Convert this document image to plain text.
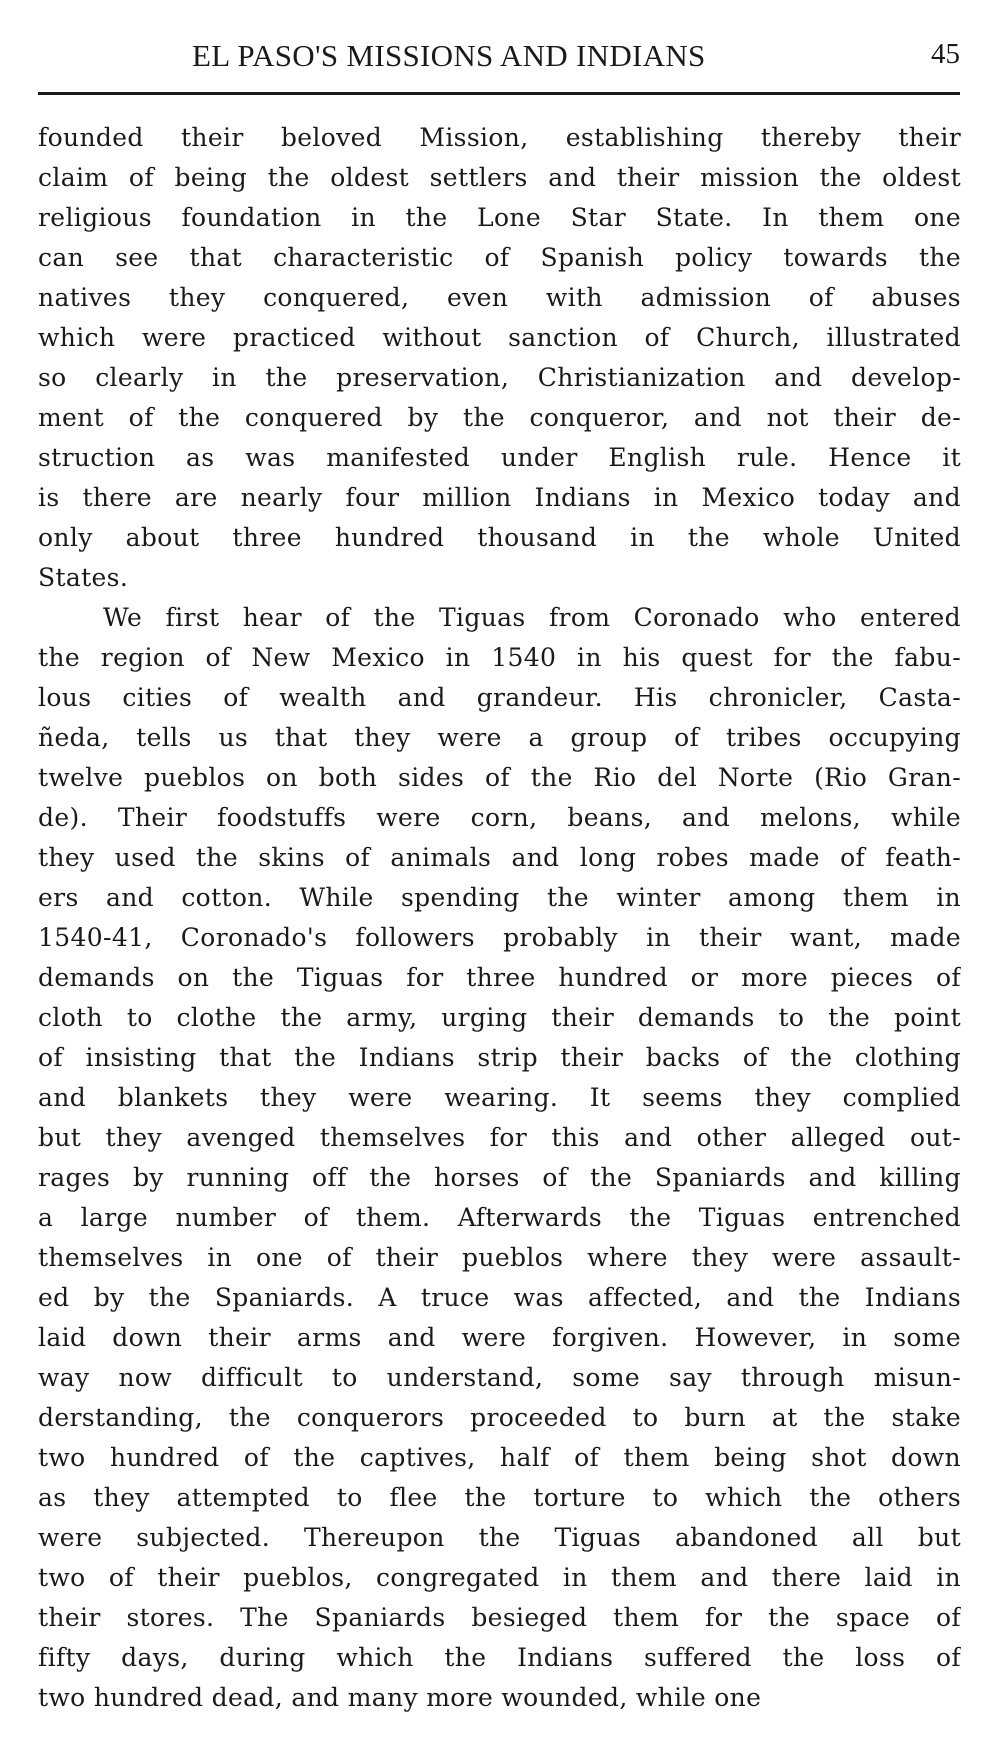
EL PASO'S MISSIONS AND INDIANS	45
founded their beloved Mission, establishing thereby their
claim of being the oldest settlers and their mission the oldest
religious foundation in the Lone Star State. In them one
can see that characteristic of Spanish policy towards the
natives they conquered, even with admission of abuses
which were practiced without sanction of Church, illustrated
so clearly in the preservation, Christianization and develop-
ment of the conquered by the conqueror, and not their de-
struction as was manifested under English rule. Hence it
is there are nearly four million Indians in Mexico today and
only about three hundred thousand in the whole United
States.
We first hear of the Tiguas from Coronado who entered
the region of New Mexico in 1540 in his quest for the fabu-
lous cities of wealth and grandeur. His chronicler, Casta-
ñeda, tells us that they were a group of tribes occupying
twelve pueblos on both sides of the Rio del Norte (Rio Gran-
de). Their foodstuffs were corn, beans, and melons, while
they used the skins of animals and long robes made of feath-
ers and cotton. While spending the winter among them in
1540-41, Coronado's followers probably in their want, made
demands on the Tiguas for three hundred or more pieces of
cloth to clothe the army, urging their demands to the point
of insisting that the Indians strip their backs of the clothing
and blankets they were wearing. It seems they complied
but they avenged themselves for this and other alleged out-
rages by running off the horses of the Spaniards and killing
a large number of them. Afterwards the Tiguas entrenched
themselves in one of their pueblos where they were assault-
ed by the Spaniards. A truce was affected, and the Indians
laid down their arms and were forgiven. However, in some
way now difficult to understand, some say through misun-
derstanding, the conquerors proceeded to burn at the stake
two hundred of the captives, half of them being shot down
as they attempted to flee the torture to which the others
were subjected. Thereupon the Tiguas abandoned all but
two of their pueblos, congregated in them and there laid in
their stores. The Spaniards besieged them for the space of
fifty days, during which the Indians suffered the loss of
two hundred dead, and many more wounded, while one
